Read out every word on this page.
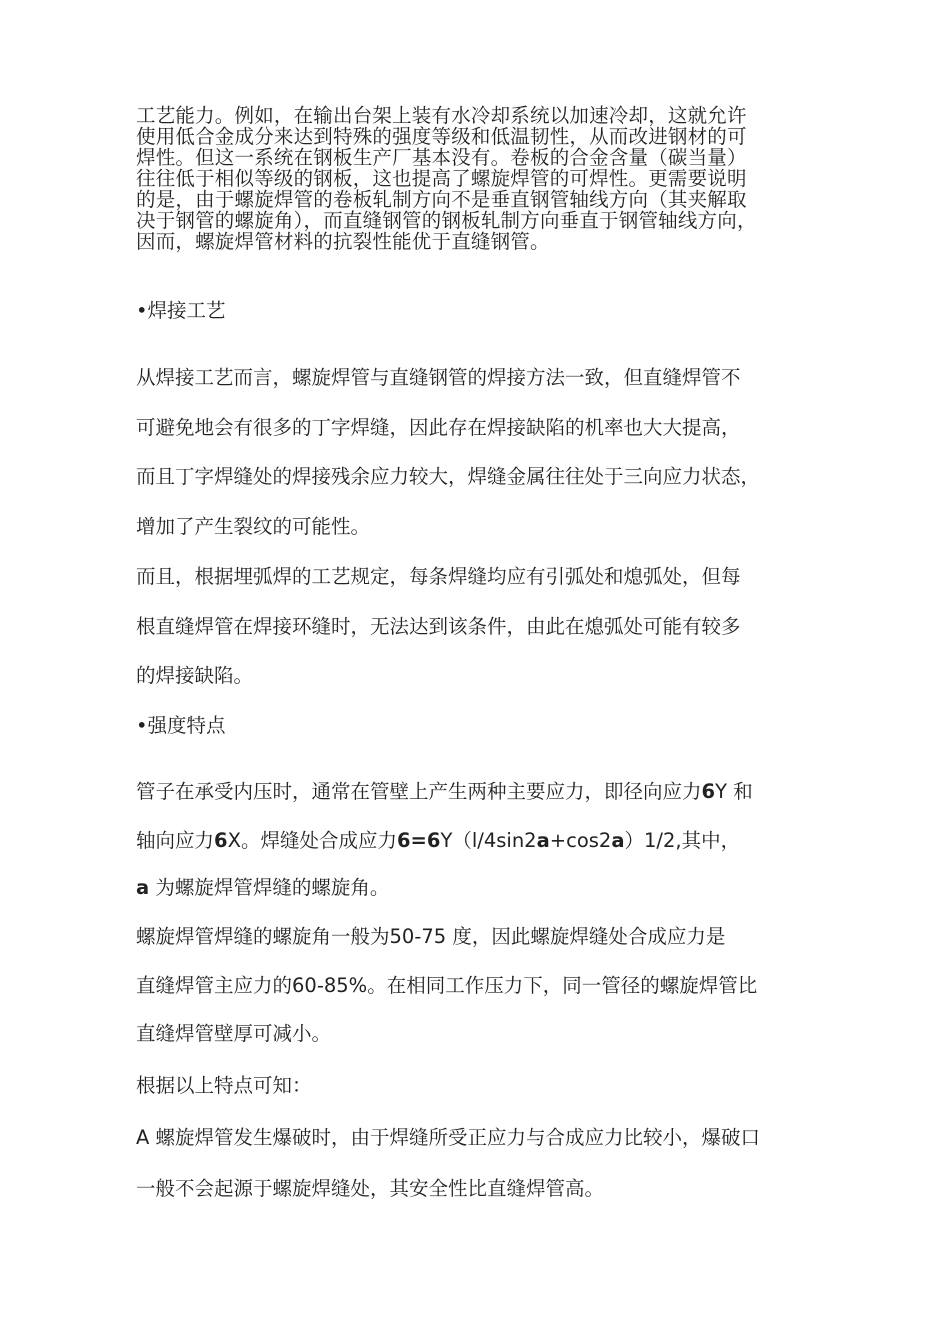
工艺能力。例如，在输出台架上装有水冷却系统以加速冷却，这就允许
使用低合金成分来达到特殊的强度等级和低温韧性，从而改进钢材的可
焊性。但这一系统在钢板生产厂基本没有。卷板的合金含量（碳当量）
往往低于相似等级的钢板，这也提高了螺旋焊管的可焊性。更需要说明
的是，由于螺旋焊管的卷板轧制方向不是垂直钢管轴线方向（其夹解取
决于钢管的螺旋角），而直缝钢管的钢板轧制方向垂直于钢管轴线方向，
因而，螺旋焊管材料的抗裂性能优于直缝钢管。

•焊接工艺

从焊接工艺而言，螺旋焊管与直缝钢管的焊接方法一致，但直缝焊管不

可避免地会有很多的丁字焊缝，因此存在焊接缺陷的机率也大大提高，

而且丁字焊缝处的焊接残余应力较大，焊缝金属往往处于三向应力状态，

增加了产生裂纹的可能性。

而且，根据埋弧焊的工艺规定，每条焊缝均应有引弧处和熄弧处，但每

根直缝焊管在焊接环缝时，无法达到该条件，由此在熄弧处可能有较多

的焊接缺陷。

•强度特点

管子在承受内压时，通常在管壁上产生两种主要应力，即径向应力6Y 和

轴向应力6X。焊缝处合成应力6=6Y（l/4sin2a+cos2a）1/2,其中，

a 为螺旋焊管焊缝的螺旋角。

螺旋焊管焊缝的螺旋角一般为50-75 度，因此螺旋焊缝处合成应力是

直缝焊管主应力的60-85%。在相同工作压力下，同一管径的螺旋焊管比

直缝焊管壁厚可减小。

根据以上特点可知：

A 螺旋焊管发生爆破时，由于焊缝所受正应力与合成应力比较小，爆破口

一般不会起源于螺旋焊缝处，其安全性比直缝焊管高。
